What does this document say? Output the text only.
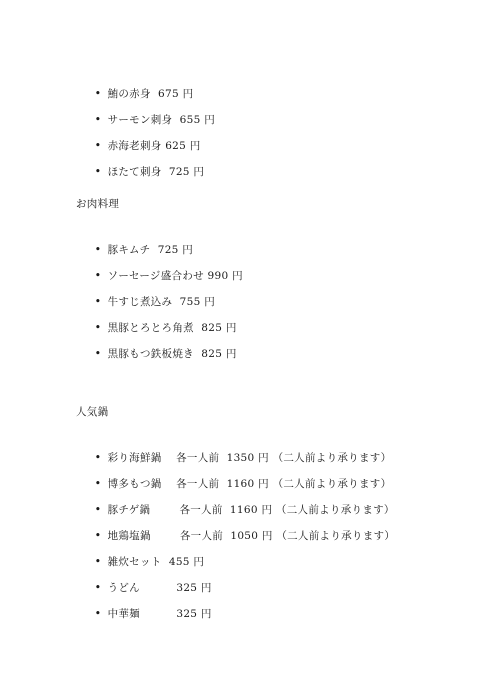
• 鮪の赤身  675 円

• サーモン刺身  655 円

• 赤海老刺身 625 円

• ほたて刺身  725 円

お肉料理

• 豚キムチ  725 円

• ソーセージ盛合わせ 990 円

• 牛すじ煮込み  755 円

• 黒豚とろとろ角煮  825 円

• 黒豚もつ鉄板焼き  825 円

人気鍋

• 彩り海鮮鍋    各一人前  1350 円 （二人前より承ります）

• 博多もつ鍋    各一人前  1160 円 （二人前より承ります）

• 豚チゲ鍋        各一人前  1160 円 （二人前より承ります）

• 地鶏塩鍋        各一人前  1050 円 （二人前より承ります）

• 雑炊セット  455 円

• うどん          325 円

• 中華麺          325 円
